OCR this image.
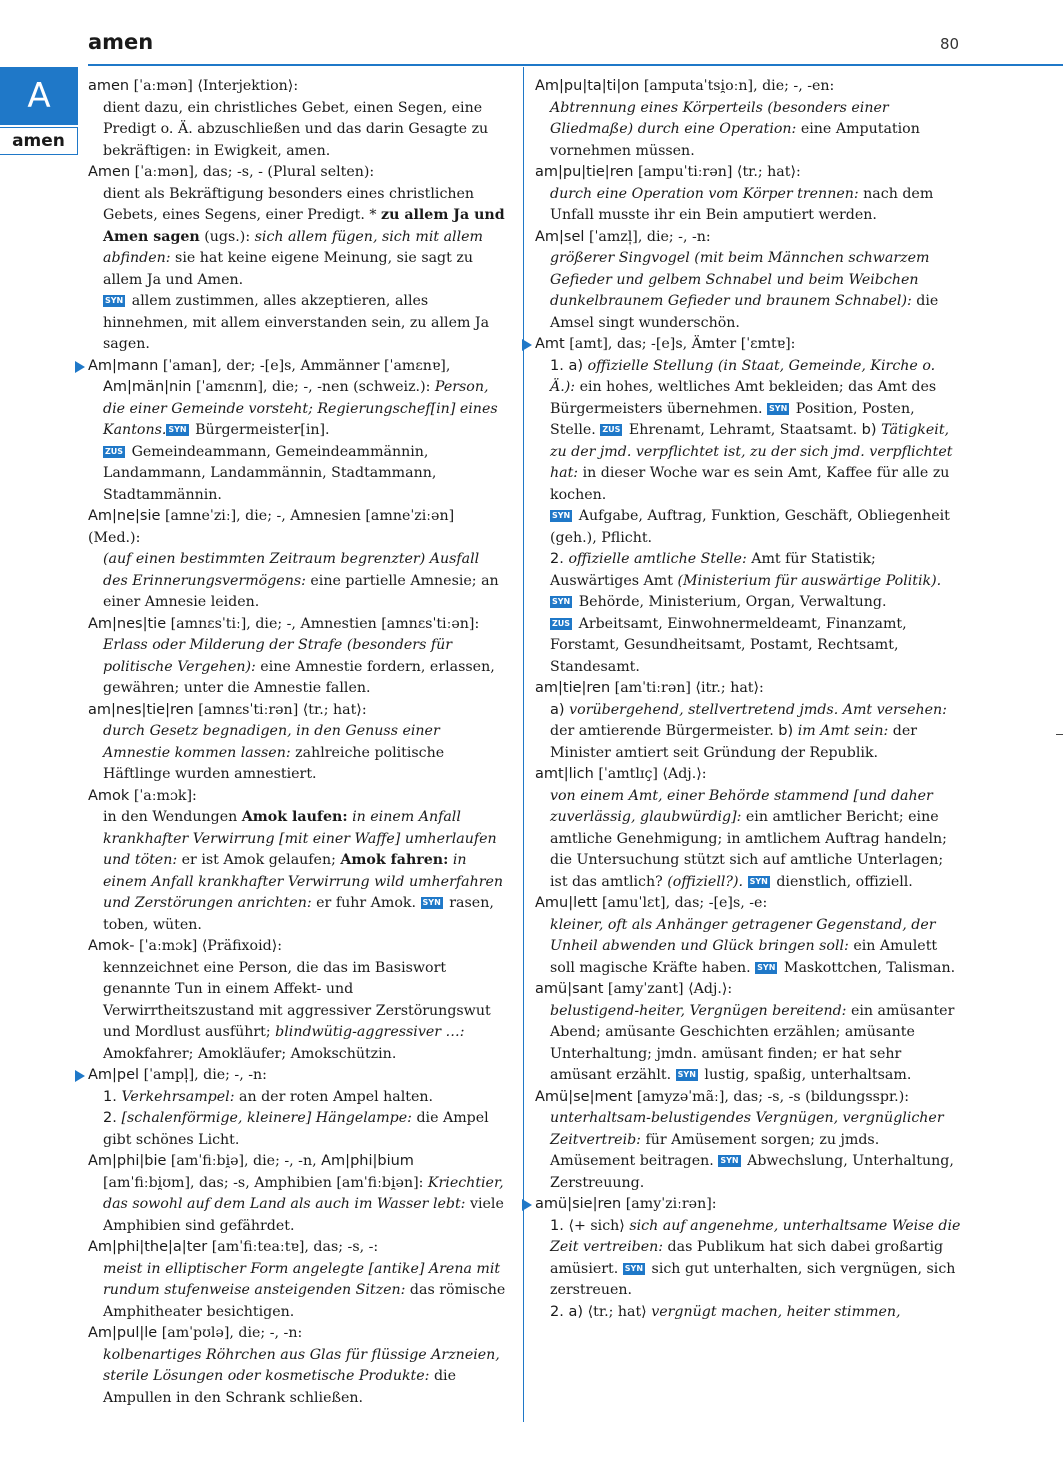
amen	80
A
amen
amen [ˈaːmən] ⟨Interjektion⟩:
dient dazu, ein christliches Gebet, einen Segen, eine Predigt o. Ä. abzuschließen und das darin Gesagte zu bekräftigen: in Ewigkeit, amen.
Amen [ˈaːmən], das; -s, - (Plural selten):
dient als Bekräftigung besonders eines christlichen Gebets, eines Segens, einer Predigt. * zu allem Ja und Amen sagen (ugs.): sich allem fügen, sich mit allem abfinden: sie hat keine eigene Meinung, sie sagt zu allem Ja und Amen.
SYN allem zustimmen, alles akzeptieren, alles hinnehmen, mit allem einverstanden sein, zu allem Ja sagen.
Am|mann [ˈaman], der; -[e]s, Ammänner [ˈamɛnɐ],

Am|män|nin [ˈamɛnɪn], die; -, -nen (schweiz.): Person, die einer Gemeinde vorsteht; Regierungschef[in] eines Kantons. SYN Bürgermeister[in].
ZUS Gemeindeammann, Gemeindeammännin, Landammann, Landammännin, Stadtammann, Stadtammännin.
Am|ne|sie [amneˈziː], die; -, Amnesien [amneˈziːən] (Med.):
(auf einen bestimmten Zeitraum begrenzter) Ausfall des Erinnerungsvermögens: eine partielle Amnesie; an einer Amnesie leiden.
Am|nes|tie [amnɛsˈtiː], die; -, Amnestien [amnɛsˈtiːən]:
Erlass oder Milderung der Strafe (besonders für politische Vergehen): eine Amnestie fordern, erlassen, gewähren; unter die Amnestie fallen.
am|nes|tie|ren [amnɛsˈtiːrən] ⟨tr.; hat⟩:
durch Gesetz begnadigen, in den Genuss einer Amnestie kommen lassen: zahlreiche politische Häftlinge wurden amnestiert.
Amok [ˈaːmɔk]:
in den Wendungen Amok laufen: in einem Anfall krankhafter Verwirrung [mit einer Waffe] umherlaufen und töten: er ist Amok gelaufen; Amok fahren: in einem Anfall krankhafter Verwirrung wild umherfahren und Zerstörungen anrichten: er fuhr Amok. SYN rasen, toben, wüten.
Amok- [ˈaːmɔk] ⟨Präfixoid⟩:
kennzeichnet eine Person, die das im Basiswort genannte Tun in einem Affekt- und Verwirrtheitszustand mit aggressiver Zerstörungswut und Mordlust ausführt; blindwütig-aggressiver …: Amokfahrer; Amokläufer; Amokschützin.
Am|pel [ˈampl̩], die; -, -n:
1. Verkehrsampel: an der roten Ampel halten.
2. [schalenförmige, kleinere] Hängelampe: die Ampel gibt schönes Licht.
Am|phi|bie [amˈfiːbi̯ə], die; -, -n, Am|phi|bium
[amˈfiːbi̯ʊm], das; -s, Amphibien [amˈfiːbi̯ən]: Kriechtier, das sowohl auf dem Land als auch im Wasser lebt: viele Amphibien sind gefährdet.
Am|phi|the|a|ter [amˈfiːteaːtɐ], das; -s, -:
meist in elliptischer Form angelegte [antike] Arena mit rundum stufenweise ansteigenden Sitzen: das römische Amphitheater besichtigen.
Am|pul|le [amˈpʊlə], die; -, -n:
kolbenartiges Röhrchen aus Glas für flüssige Arzneien, sterile Lösungen oder kosmetische Produkte: die Ampullen in den Schrank schließen.
Am|pu|ta|ti|on [amputaˈtsi̯oːn], die; -, -en:
Abtrennung eines Körperteils (besonders einer Gliedmaße) durch eine Operation: eine Amputation vornehmen müssen.
am|pu|tie|ren [ampuˈtiːrən] ⟨tr.; hat⟩:
durch eine Operation vom Körper trennen: nach dem Unfall musste ihr ein Bein amputiert werden.
Am|sel [ˈamzl̩], die; -, -n:
größerer Singvogel (mit beim Männchen schwarzem Gefieder und gelbem Schnabel und beim Weibchen dunkelbraunem Gefieder und braunem Schnabel): die Amsel singt wunderschön.
Amt [amt], das; -[e]s, Ämter [ˈɛmtɐ]:
1. a) offizielle Stellung (in Staat, Gemeinde, Kirche o. Ä.): ein hohes, weltliches Amt bekleiden; das Amt des Bürgermeisters übernehmen. SYN Position, Posten, Stelle. ZUS Ehrenamt, Lehramt, Staatsamt. b) Tätigkeit, zu der jmd. verpflichtet ist, zu der sich jmd. verpflichtet hat: in dieser Woche war es sein Amt, Kaffee für alle zu kochen.
SYN Aufgabe, Auftrag, Funktion, Geschäft, Obliegenheit (geh.), Pflicht.
2. offizielle amtliche Stelle: Amt für Statistik; Auswärtiges Amt (Ministerium für auswärtige Politik).
SYN Behörde, Ministerium, Organ, Verwaltung.
ZUS Arbeitsamt, Einwohnermeldeamt, Finanzamt, Forstamt, Gesundheitsamt, Postamt, Rechtsamt, Standesamt.
am|tie|ren [amˈtiːrən] ⟨itr.; hat⟩:
a) vorübergehend, stellvertretend jmds. Amt versehen: der amtierende Bürgermeister. b) im Amt sein: der Minister amtiert seit Gründung der Republik.
amt|lich [ˈamtlɪç] ⟨Adj.⟩:
von einem Amt, einer Behörde stammend [und daher zuverlässig, glaubwürdig]: ein amtlicher Bericht; eine amtliche Genehmigung; in amtlichem Auftrag handeln; die Untersuchung stützt sich auf amtliche Unterlagen; ist das amtlich? (offiziell?). SYN dienstlich, offiziell.
Amu|lett [amuˈlɛt], das; -[e]s, -e:
kleiner, oft als Anhänger getragener Gegenstand, der Unheil abwenden und Glück bringen soll: ein Amulett soll magische Kräfte haben. SYN Maskottchen, Talisman.
amü|sant [amyˈzant] ⟨Adj.⟩:
belustigend-heiter, Vergnügen bereitend: ein amüsanter Abend; amüsante Geschichten erzählen; amüsante Unterhaltung; jmdn. amüsant finden; er hat sehr amüsant erzählt. SYN lustig, spaßig, unterhaltsam.
Amü|se|ment [amyzəˈmãː], das; -s, -s (bildungsspr.):
unterhaltsam-belustigendes Vergnügen, vergnüglicher Zeitvertreib: für Amüsement sorgen; zu jmds. Amüsement beitragen. SYN Abwechslung, Unterhaltung, Zerstreuung.
amü|sie|ren [amyˈziːrən]:
1. ⟨+ sich⟩ sich auf angenehme, unterhaltsame Weise die Zeit vertreiben: das Publikum hat sich dabei großartig amüsiert. SYN sich gut unterhalten, sich vergnügen, sich zerstreuen.
2. a) ⟨tr.; hat⟩ vergnügt machen, heiter stimmen,
